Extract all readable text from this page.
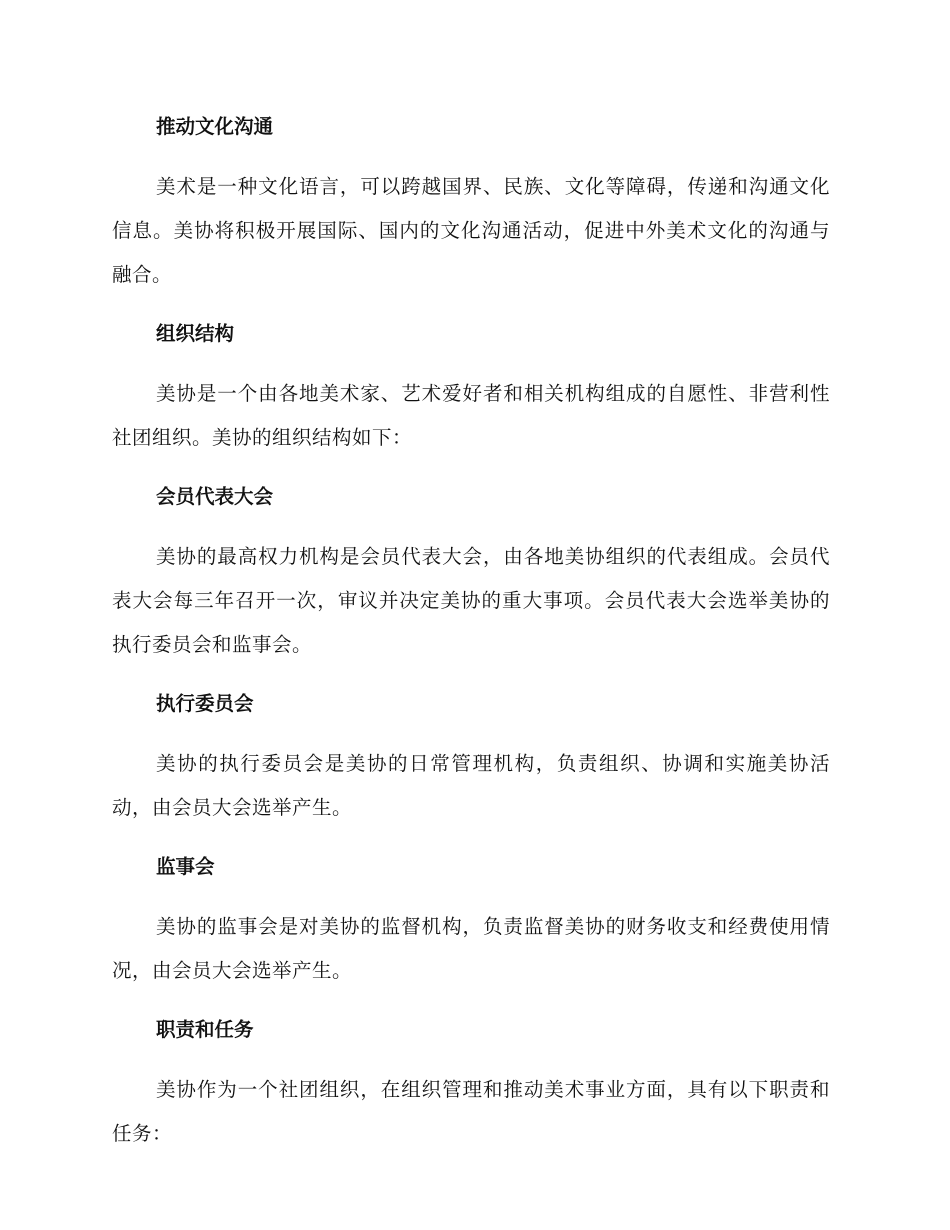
推动文化沟通

美术是一种文化语言，可以跨越国界、民族、文化等障碍，传递和沟通文化信息。美协将积极开展国际、国内的文化沟通活动，促进中外美术文化的沟通与融合。

组织结构

美协是一个由各地美术家、艺术爱好者和相关机构组成的自愿性、非营利性社团组织。美协的组织结构如下：

会员代表大会

美协的最高权力机构是会员代表大会，由各地美协组织的代表组成。会员代表大会每三年召开一次，审议并决定美协的重大事项。会员代表大会选举美协的执行委员会和监事会。

执行委员会

美协的执行委员会是美协的日常管理机构，负责组织、协调和实施美协活动，由会员大会选举产生。

监事会

美协的监事会是对美协的监督机构，负责监督美协的财务收支和经费使用情况，由会员大会选举产生。

职责和任务

美协作为一个社团组织，在组织管理和推动美术事业方面，具有以下职责和任务：
